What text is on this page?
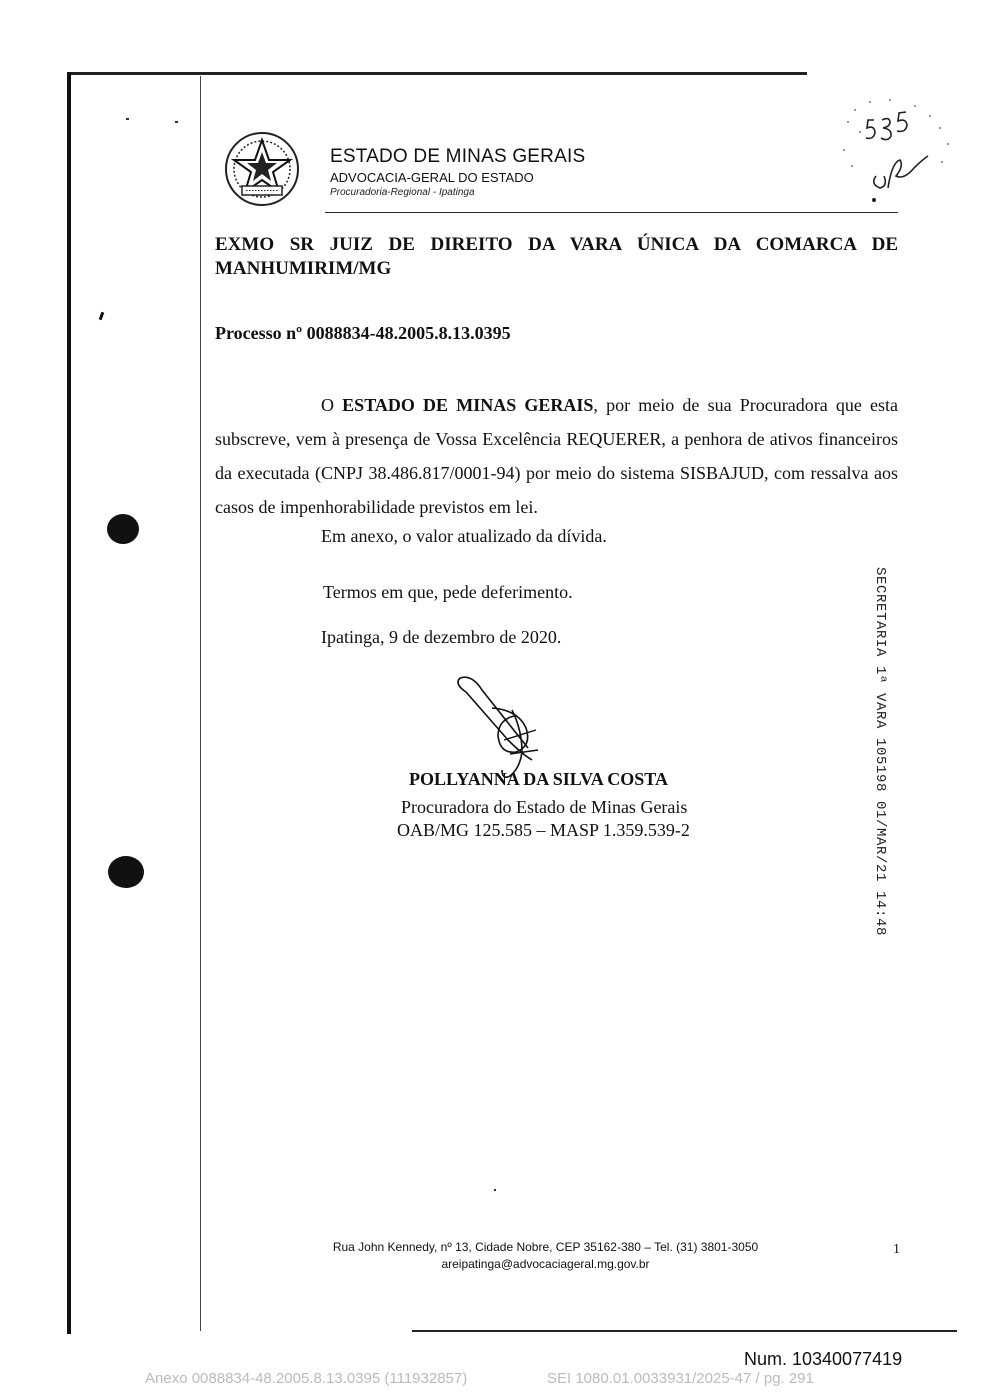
ESTADO DE MINAS GERAIS
ADVOCACIA-GERAL DO ESTADO
Procuradoria-Regional - Ipatinga
EXMO SR JUIZ DE DIREITO DA VARA ÚNICA DA COMARCA DE MANHUMIRIM/MG
Processo nº 0088834-48.2005.8.13.0395
O ESTADO DE MINAS GERAIS, por meio de sua Procuradora que esta subscreve, vem à presença de Vossa Excelência REQUERER, a penhora de ativos financeiros da executada (CNPJ 38.486.817/0001-94) por meio do sistema SISBAJUD, com ressalva aos casos de impenhorabilidade previstos em lei.
Em anexo, o valor atualizado da dívida.
Termos em que, pede deferimento.
Ipatinga, 9 de dezembro de 2020.
POLLYANNA DA SILVA COSTA
Procuradora do Estado de Minas Gerais
OAB/MG 125.585 – MASP 1.359.539-2	SECRETARIA 1ª VARA 105198 01/MAR/21 14:48
Rua John Kennedy, nº 13, Cidade Nobre, CEP 35162-380 – Tel. (31) 3801-3050
areipatinga@advocaciageral.mg.gov.br
1
Num. 10340077419
Anexo 0088834-48.2005.8.13.0395 (111932857)	SEI 1080.01.0033931/2025-47 / pg. 291
